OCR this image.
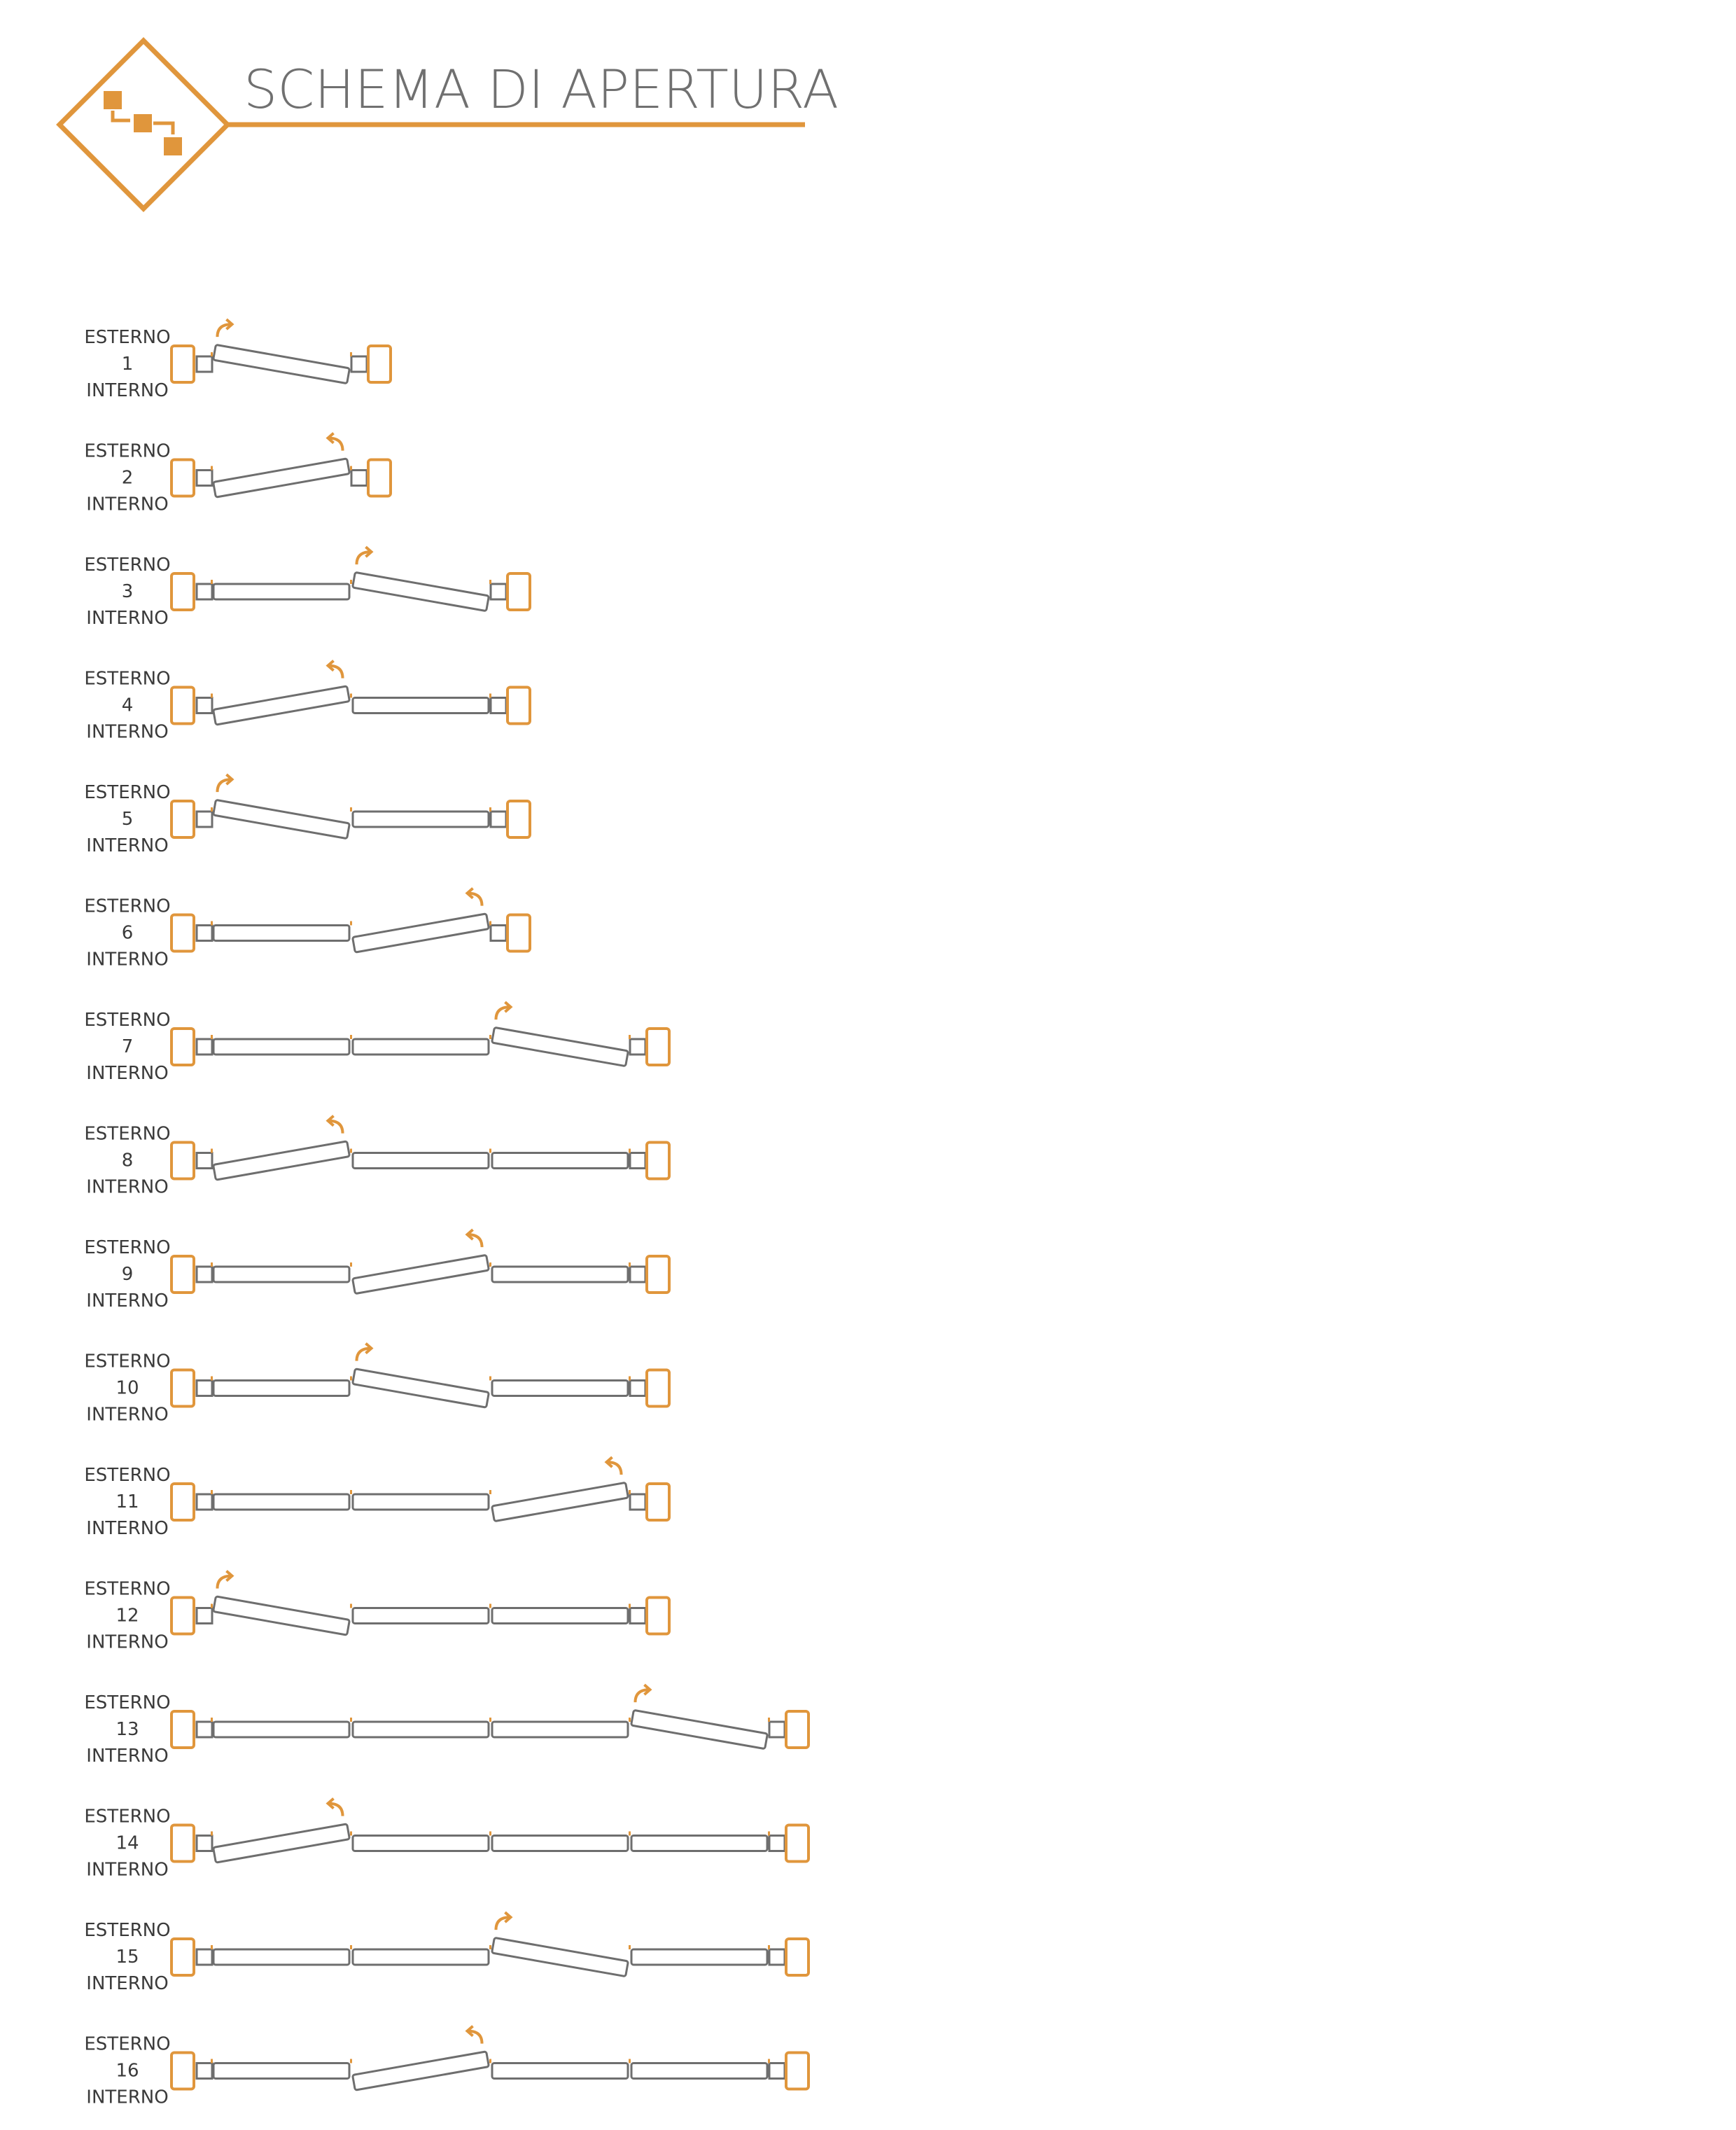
SCHEMA DI APERTURA
ESTERNO
1
INTERNO
ESTERNO
2
INTERNO
ESTERNO
3
INTERNO
ESTERNO
4
INTERNO
ESTERNO
5
INTERNO
ESTERNO
6
INTERNO
ESTERNO
7
INTERNO
ESTERNO
8
INTERNO
ESTERNO
9
INTERNO
ESTERNO
10
INTERNO
ESTERNO
11
INTERNO
ESTERNO
12
INTERNO
ESTERNO
13
INTERNO
ESTERNO
14
INTERNO
ESTERNO
15
INTERNO
ESTERNO
16
INTERNO
